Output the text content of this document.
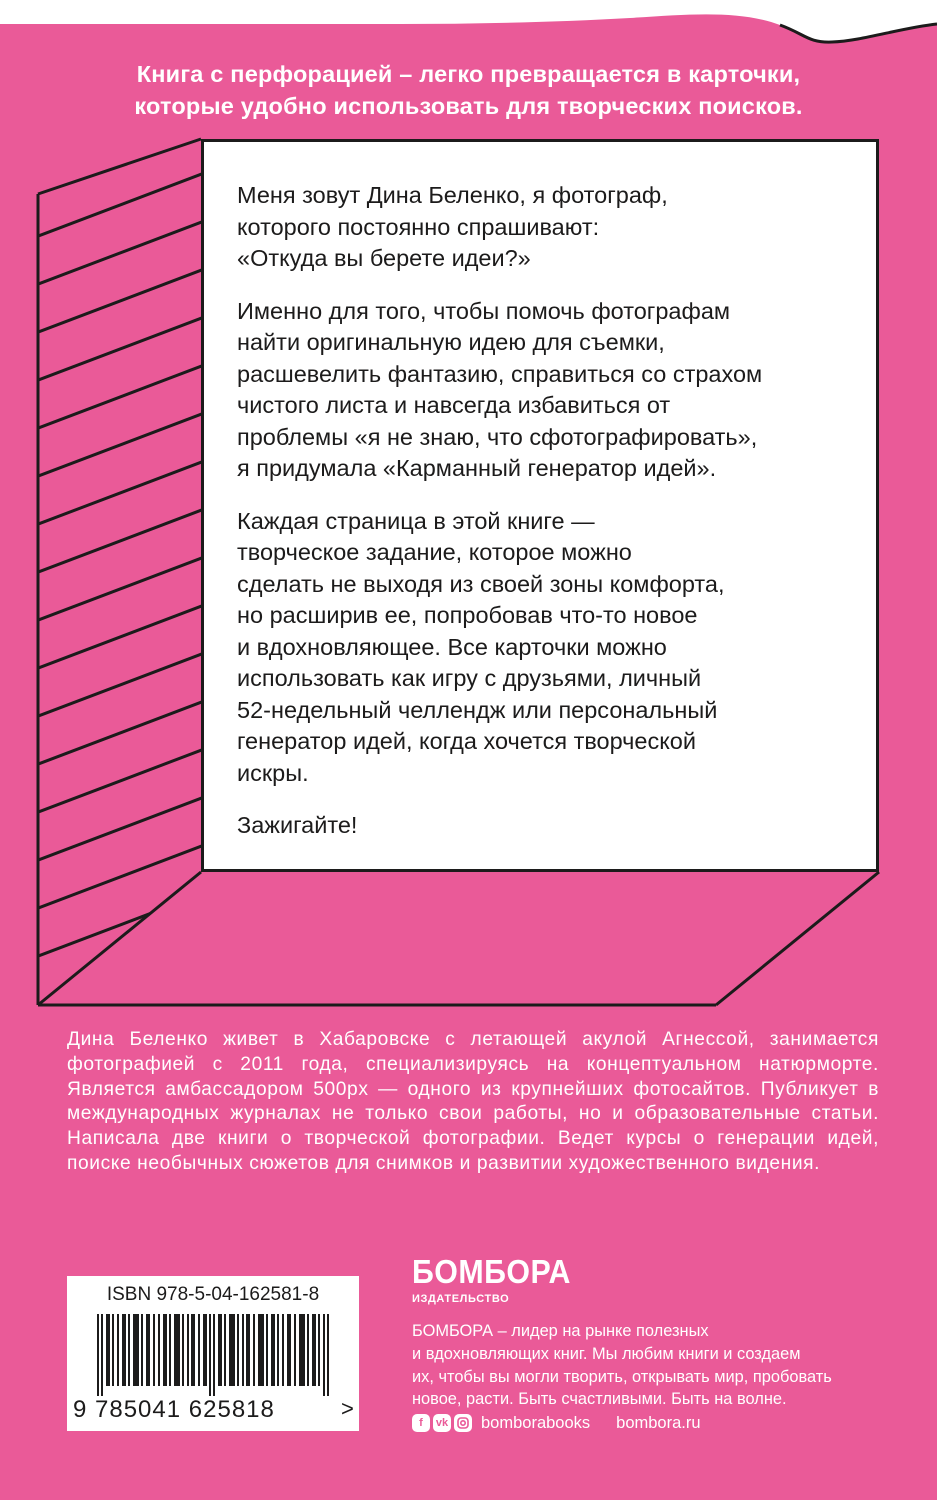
Книга с перфорацией – легко превращается в карточки,
которые удобно использовать для творческих поисков.

Меня зовут Дина Беленко, я фотограф,
которого постоянно спрашивают:
«Откуда вы берете идеи?»

Именно для того, чтобы помочь фотографам
найти оригинальную идею для съемки,
расшевелить фантазию, справиться со страхом
чистого листа и навсегда избавиться от
проблемы «я не знаю, что сфотографировать»,
я придумала «Карманный генератор идей».

Каждая страница в этой книге —
творческое задание, которое можно
сделать не выходя из своей зоны комфорта,
но расширив ее, попробовав что-то новое
и вдохновляющее. Все карточки можно
использовать как игру с друзьями, личный
52-недельный челлендж или персональный
генератор идей, когда хочется творческой
искры.

Зажигайте!

Дина Беленко живет в Хабаровске с летающей акулой Агнессой, занимается фотографией с 2011 года, специализируясь на концептуальном натюрморте. Является амбассадором 500px — одного из крупнейших фотосайтов. Публикует в международных журналах не только свои работы, но и образовательные статьи. Написала две книги о творческой фотографии. Ведет курсы о генерации идей, поиске необычных сюжетов для снимков и развитии художественного видения.
ISBN 978-5-04-162581-8
9 785041 625818	>
БОМБОРА
ИЗДАТЕЛЬСТВО
БОМБОРА – лидер на рынке полезных
и вдохновляющих книг. Мы любим книги и создаем
их, чтобы вы могли творить, открывать мир, пробовать
новое, расти. Быть счастливыми. Быть на волне.
f	vk bomborabooks bombora.ru
